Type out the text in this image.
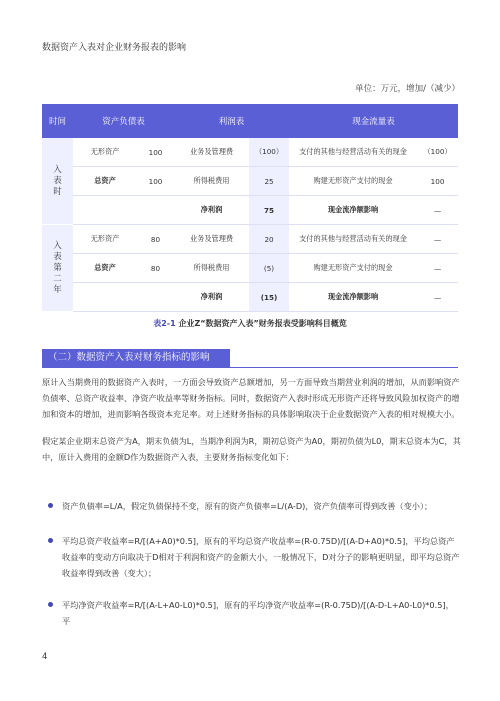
数据资产入表对企业财务报表的影响
单位：万元，增加/（减少）
时间	资产负债表		利润表		现金流量表	
入
表
时	无形资产	100	业务及管理费	（100）	支付的其他与经营活动有关的现金	（100）
	总资产	100	所得税费用	25	购建无形资产支付的现金	100
			净利润	75	现金流净额影响	—
入
表
第
二
年	无形资产	80	业务及管理费	20	支付的其他与经营活动有关的现金	—
	总资产	80	所得税费用	(5)	购建无形资产支付的现金	—
			净利润	(15)	现金流净额影响	—
表2-1 企业Z“数据资产入表”财务报表受影响科目概览
（二）数据资产入表对财务指标的影响

原计入当期费用的数据资产入表时，一方面会导致资产总额增加，另一方面导致当期营业利润的增加，从而影响资产负债率、总资产收益率、净资产收益率等财务指标。同时，数据资产入表时形成无形资产还将导致风险加权资产的增加和资本的增加，进而影响各级资本充足率。对上述财务指标的具体影响取决于企业数据资产入表的相对规模大小。

假定某企业期末总资产为A，期末负债为L，当期净利润为R，期初总资产为A0，期初负债为L0，期末总资本为C，其中，原计入费用的金额D作为数据资产入表，主要财务指标变化如下：

资产负债率=L/A，假定负债保持不变，原有的资产负债率=L/(A-D)，资产负债率可得到改善（变小）；
平均总资产收益率=R/[(A+A0)*0.5]，原有的平均总资产收益率=(R-0.75D)/[(A-D+A0)*0.5]，平均总资产收益率的变动方向取决于D相对于利润和资产的金额大小，一般情况下，D对分子的影响更明显，即平均总资产收益率得到改善（变大）；
平均净资产收益率=R/[(A-L+A0-L0)*0.5]，原有的平均净资产收益率=(R-0.75D)/[(A-D-L+A0-L0)*0.5]，平
4
